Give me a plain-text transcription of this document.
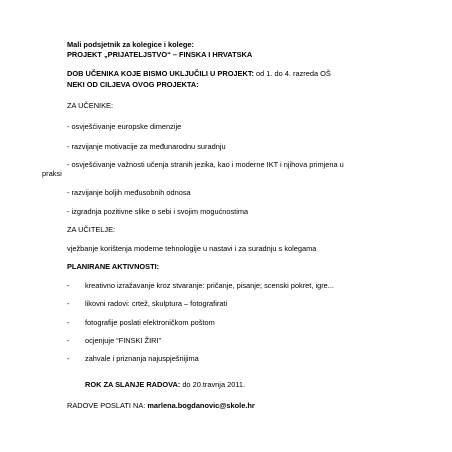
Mali podsjetnik za kolegice i kolege:
PROJEKT „PRIJATELJSTVO“ – FINSKA I HRVATSKA
DOB UČENIKA KOJE BISMO UKLJUČILI U PROJEKT: od 1. do 4. razreda OŠ
NEKI OD CILJEVA OVOG PROJEKTA:
ZA UČENIKE:
- osvješćivanje europske dimenzije
- razvijanje motivacije za međunarodnu suradnju
- osvješćivanje važnosti učenja stranih jezika, kao i moderne IKT i njihova primjena u
praksi
- razvijanje boljih međusobnih odnosa
- izgradnja pozitivne slike o sebi i svojim mogućnostima
ZA UČITELJE:
vježbanje korištenja moderne tehnologije u nastavi i za suradnju s kolegama
PLANIRANE AKTIVNOSTI:
- kreativno izražavanje kroz stvaranje: pričanje, pisanje; scenski pokret, igre...
- likovni radovi: crtež, skulptura – fotografirati
- fotografije poslati elektroničkom poštom
- ocjenjuje “FINSKI ŽIRI”
- zahvale i priznanja najuspješnijima
ROK ZA SLANJE RADOVA: do 20.travnja 2011.
RADOVE POSLATI NA: marlena.bogdanovic@skole.hr
